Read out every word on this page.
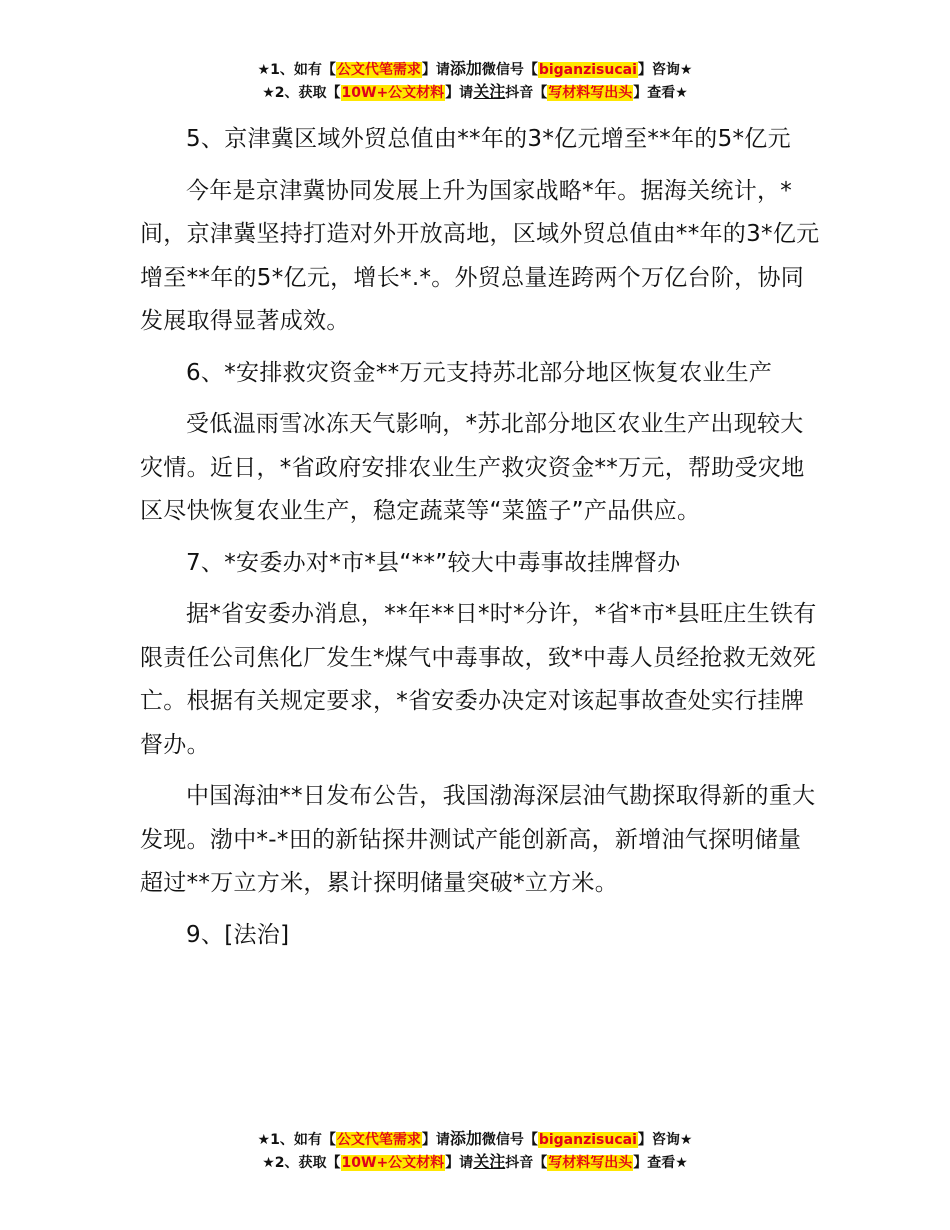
★1、如有【公文代笔需求】请添加微信号【biganzisucai】咨询★
★2、获取【10W+公文材料】请关注抖音【写材料写出头】查看★

5、京津冀区域外贸总值由**年的3*亿元增至**年的5*亿元

今年是京津冀协同发展上升为国家战略*年。据海关统计，*间，京津冀坚持打造对外开放高地，区域外贸总值由**年的3*亿元增至**年的5*亿元，增长*.*。外贸总量连跨两个万亿台阶，协同发展取得显著成效。

6、*安排救灾资金**万元支持苏北部分地区恢复农业生产

受低温雨雪冰冻天气影响，*苏北部分地区农业生产出现较大灾情。近日，*省政府安排农业生产救灾资金**万元，帮助受灾地区尽快恢复农业生产，稳定蔬菜等“菜篮子”产品供应。

7、*安委办对*市*县“**”较大中毒事故挂牌督办

据*省安委办消息，**年**日*时*分许，*省*市*县旺庄生铁有限责任公司焦化厂发生*煤气中毒事故，致*中毒人员经抢救无效死亡。根据有关规定要求，*省安委办决定对该起事故查处实行挂牌督办。

中国海油**日发布公告，我国渤海深层油气勘探取得新的重大发现。渤中*-*田的新钻探井测试产能创新高，新增油气探明储量超过**万立方米，累计探明储量突破*立方米。

9、[法治]

★1、如有【公文代笔需求】请添加微信号【biganzisucai】咨询★
★2、获取【10W+公文材料】请关注抖音【写材料写出头】查看★
